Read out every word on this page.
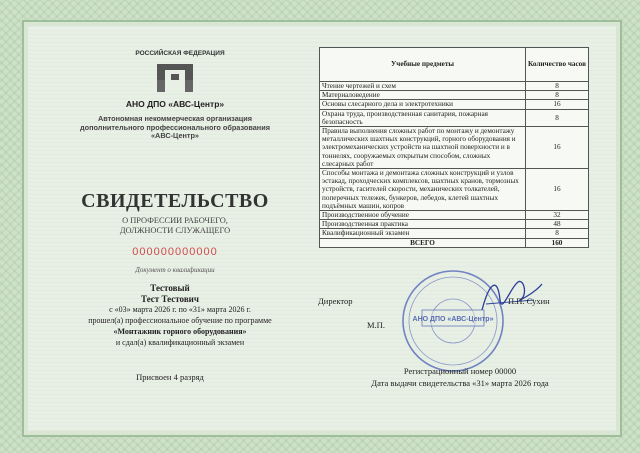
РОССИЙСКАЯ ФЕДЕРАЦИЯ
АНО ДПО «АВС-Центр»
Автономная некоммерческая организация
дополнительного профессионального образования
«АВС-Центр»
СВИДЕТЕЛЬСТВО
О ПРОФЕССИИ РАБОЧЕГО,
ДОЛЖНОСТИ СЛУЖАЩЕГО
000000000000
Документ о квалификации
Тестовый
Тест Тестович
с «03» марта 2026 г. по «31» марта 2026 г.
прошел(а) профессиональное обучение по программе
«Монтажник горного оборудования»
и сдал(а) квалификационный экзамен
Присвоен 4 разряд
Учебные предметы	Количество часов
Чтение чертежей и схем	8
Материаловедение	8
Основы слесарного дела и электротехники	16
Охрана труда, производственная санитария, пожарная безопасность	8
Правила выполнения сложных работ по монтажу и демонтажу металлических шахтных конструкций, горного оборудования и электромеханических устройств на шахтной поверхности и в тоннелях, сооружаемых открытым способом, сложных слесарных работ	16
Способы монтажа и демонтажа сложных конструкций и узлов эстакад, проходческих комплексов, шахтных кранов, тормозных устройств, гасителей скорости, механических толкателей, поперечных тележек, бункеров, лебедок, клетей шахтных подъёмных машин, копров	16
Производственное обучение	32
Производственная практика	48
Квалификационный экзамен	8
ВСЕГО	160
АНО ДПО «АВС-Центр»
Директор	П.П. Сухин
М.П.
Регистрационный номер 00000
Дата выдачи свидетельства «31» марта 2026 года
